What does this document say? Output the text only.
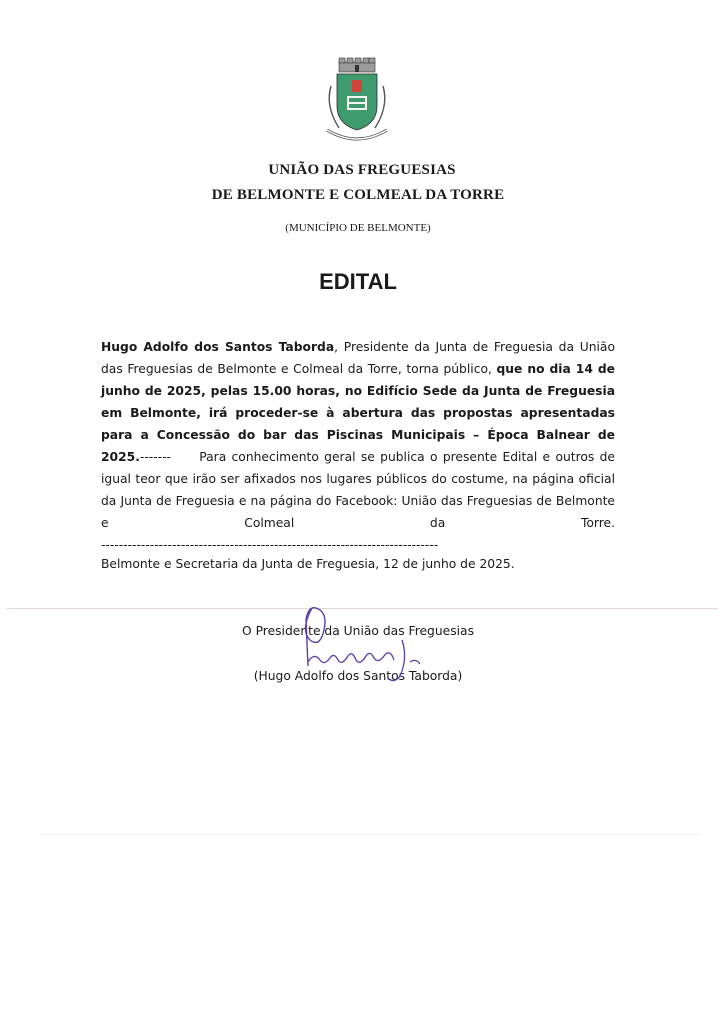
UNIÃO DAS FREGUESIAS
DE BELMONTE E COLMEAL DA TORRE
(MUNICÍPIO DE BELMONTE)
EDITAL
Hugo Adolfo dos Santos Taborda, Presidente da Junta de Freguesia da União das Freguesias de Belmonte e Colmeal da Torre, torna público, que no dia 14 de junho de 2025, pelas 15.00 horas, no Edifício Sede da Junta de Freguesia em Belmonte, irá proceder-se à abertura das propostas apresentadas para a Concessão do bar das Piscinas Municipais – Época Balnear de 2025.------- Para conhecimento geral se publica o presente Edital e outros de igual teor que irão ser afixados nos lugares públicos do costume, na página oficial da Junta de Freguesia e na página do Facebook: União das Freguesias de Belmonte e Colmeal da Torre. ----------------------------------------------------------------------------
Belmonte e Secretaria da Junta de Freguesia, 12 de junho de 2025.
O Presidente da União das Freguesias
(Hugo Adolfo dos Santos Taborda)
